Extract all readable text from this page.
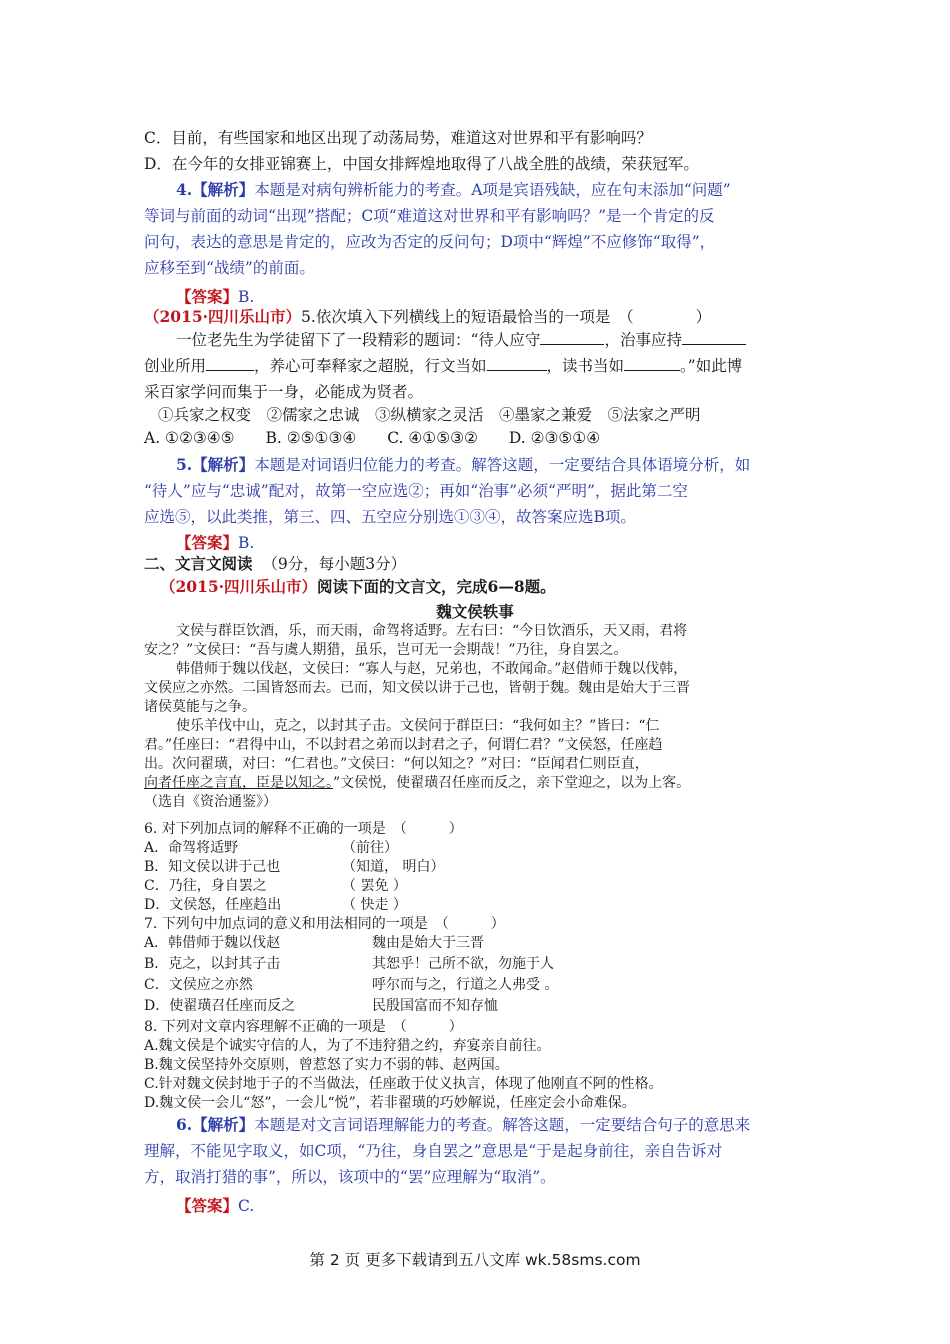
C．目前，有些国家和地区出现了动荡局势，难道这对世界和平有影响吗？
D．在今年的女排亚锦赛上，中国女排辉煌地取得了八战全胜的战绩，荣获冠军。
4.【解析】本题是对病句辨析能力的考查。A项是宾语残缺，应在句末添加“问题”
等词与前面的动词“出现”搭配；C项“难道这对世界和平有影响吗？”是一个肯定的反
问句，表达的意思是肯定的，应改为否定的反问句；D项中“辉煌”不应修饰“取得”，
应移至到“战绩”的前面。
【答案】B.
（2015·四川乐山市）5.依次填入下列横线上的短语最恰当的一项是　（　　　　）
一位老先生为学徒留下了一段精彩的题词：“待人应守	，治事应持
创业所用	，养心可奉释家之超脱，行文当如	，读书当如	。”如此博
采百家学问而集于一身，必能成为贤者。
①兵家之权变　②儒家之忠诚　③纵横家之灵活　④墨家之兼爱　⑤法家之严明
A. ①②③④⑤　　B. ②⑤①③④　　C. ④①⑤③②　　D. ②③⑤①④
5.【解析】本题是对词语归位能力的考查。解答这题，一定要结合具体语境分析，如
“待人”应与“忠诚”配对，故第一空应选②；再如“治事”必须“严明”，据此第二空
应选⑤，以此类推，第三、四、五空应分别选①③④，故答案应选B项。
【答案】B.
二、文言文阅读 （9分，每小题3分）
（2015·四川乐山市）阅读下面的文言文，完成6—8题。
魏文侯轶事
文侯与群臣饮酒，乐，而天雨，命驾将适野。左右曰：“今日饮酒乐，天又雨，君将
安之？”文侯曰：“吾与虞人期猎，虽乐，岂可无一会期哉！”乃往，身自罢之。
韩借师于魏以伐赵，文侯曰：“寡人与赵，兄弟也，不敢闻命。”赵借师于魏以伐韩，
文侯应之亦然。二国皆怒而去。已而，知文侯以讲于己也，皆朝于魏。魏由是始大于三晋
诸侯莫能与之争。
使乐羊伐中山，克之，以封其子击。文侯问于群臣曰：“我何如主？”皆曰：“仁
君。”任座曰：“君得中山，不以封君之弟而以封君之子，何谓仁君？”文侯怒，任座趋
出。次问翟璜，对曰：“仁君也。”文侯曰：“何以知之？”对曰：“臣闻君仁则臣直，
向者任座之言直，臣是以知之。”文侯悦，使翟璜召任座而反之，亲下堂迎之，以为上客。
（选自《资治通鉴》）
6. 对下列加点词的解释不正确的一项是　（　　　）
A．命驾将适野	（前往）
B．知文侯以讲于己也	（知道， 明白）
C．乃往，身自罢之	（ 罢免 ）
D．文侯怒，任座趋出	（ 快走 ）
7. 下列句中加点词的意义和用法相同的一项是　（　　　）
A．韩借师于魏以伐赵	魏由是始大于三晋
B．克之，以封其子击	其恕乎！己所不欲，勿施于人
C．文侯应之亦然	呼尔而与之，行道之人弗受 。
D．使翟璜召任座而反之	民殷国富而不知存恤
8. 下列对文章内容理解不正确的一项是　（　　　）
A.魏文侯是个诚实守信的人，为了不违狩猎之约，弃宴亲自前往。
B.魏文侯坚持外交原则，曾惹怒了实力不弱的韩、赵两国。
C.针对魏文侯封地于子的不当做法，任座敢于仗义执言，体现了他刚直不阿的性格。
D.魏文侯一会儿“怒”，一会儿“悦”，若非翟璜的巧妙解说，任座定会小命难保。
6.【解析】本题是对文言词语理解能力的考查。解答这题，一定要结合句子的意思来
理解，不能见字取义，如C项，“乃往，身自罢之”意思是“于是起身前往，亲自告诉对
方，取消打猎的事”，所以，该项中的“罢”应理解为“取消”。
【答案】C.
第 2 页 更多下载请到五八文库 wk.58sms.com
